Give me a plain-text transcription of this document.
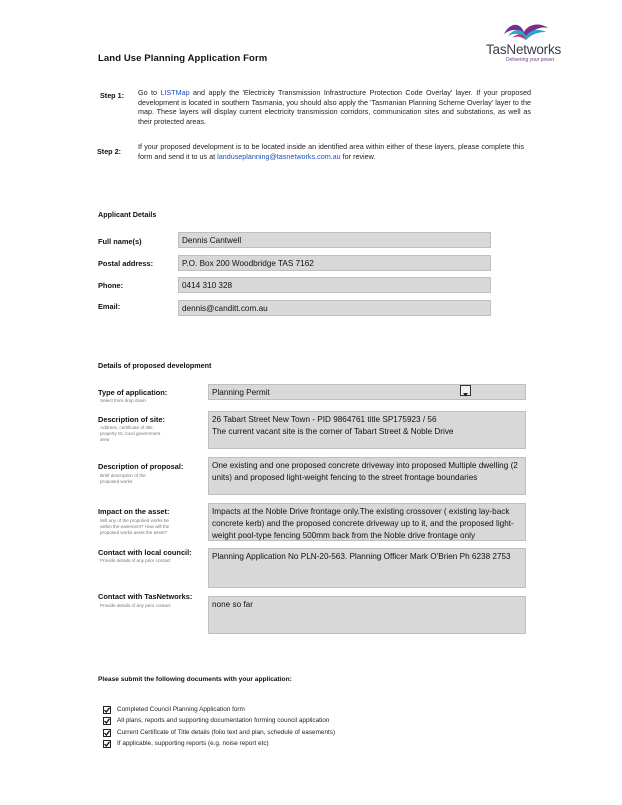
Land Use Planning Application Form
TasNetworks
Delivering your power
Step 1: Go to LISTMap and apply the 'Electricity Transmission Infrastructure Protection Code Overlay' layer. If your proposed development is located in southern Tasmania, you should also apply the 'Tasmanian Planning Scheme Overlay' layer to the map. These layers will display current electricity transmission corridors, communication sites and substations, as well as their protected areas.
Step 2:
If your proposed development is to be located inside an identified area within either of these layers, please complete this form and send it to us at landuseplanning@tasnetworks.com.au for review.
Applicant Details
Full name(s)	Dennis Cantwell
Postal address:	P.O. Box 200 Woodbridge TAS 7162
Phone:	0414 310 328
Email:	dennis@canditt.com.au
Details of proposed development
Type of application:
Select from drop down
Planning Permit
Description of site:
Address, certificate of title, property ID, local government area
26 Tabart Street New Town - PID 9864761 title SP175923 / 56
The current vacant site is the corner of Tabart Street & Noble Drive
Description of proposal:
Brief description of the proposed works
One existing and one proposed concrete driveway into proposed Multiple dwelling (2 units) and proposed light-weight fencing to the street frontage boundaries
Impact on the asset:
Will any of the proposed works be within the easement? How will the proposed works asset the asset?
Impacts at the Noble Drive frontage only.The existing crossover ( existing lay-back concrete kerb) and the proposed concrete driveway up to it, and the proposed light-weight pool-type fencing 500mm back from the Noble drive frontage only
Contact with local council:
Provide details of any prior contact	Planning Application No PLN-20-563. Planning Officer Mark O'Brien Ph 6238 2753
Contact with TasNetworks:
Provide details of any prior contact	none so far
Please submit the following documents with your application:
Completed Council Planning Application form
All plans, reports and supporting documentation forming council application
Current Certificate of Title details (folio text and plan, schedule of easements)
If applicable, supporting reports (e.g. noise report etc)
